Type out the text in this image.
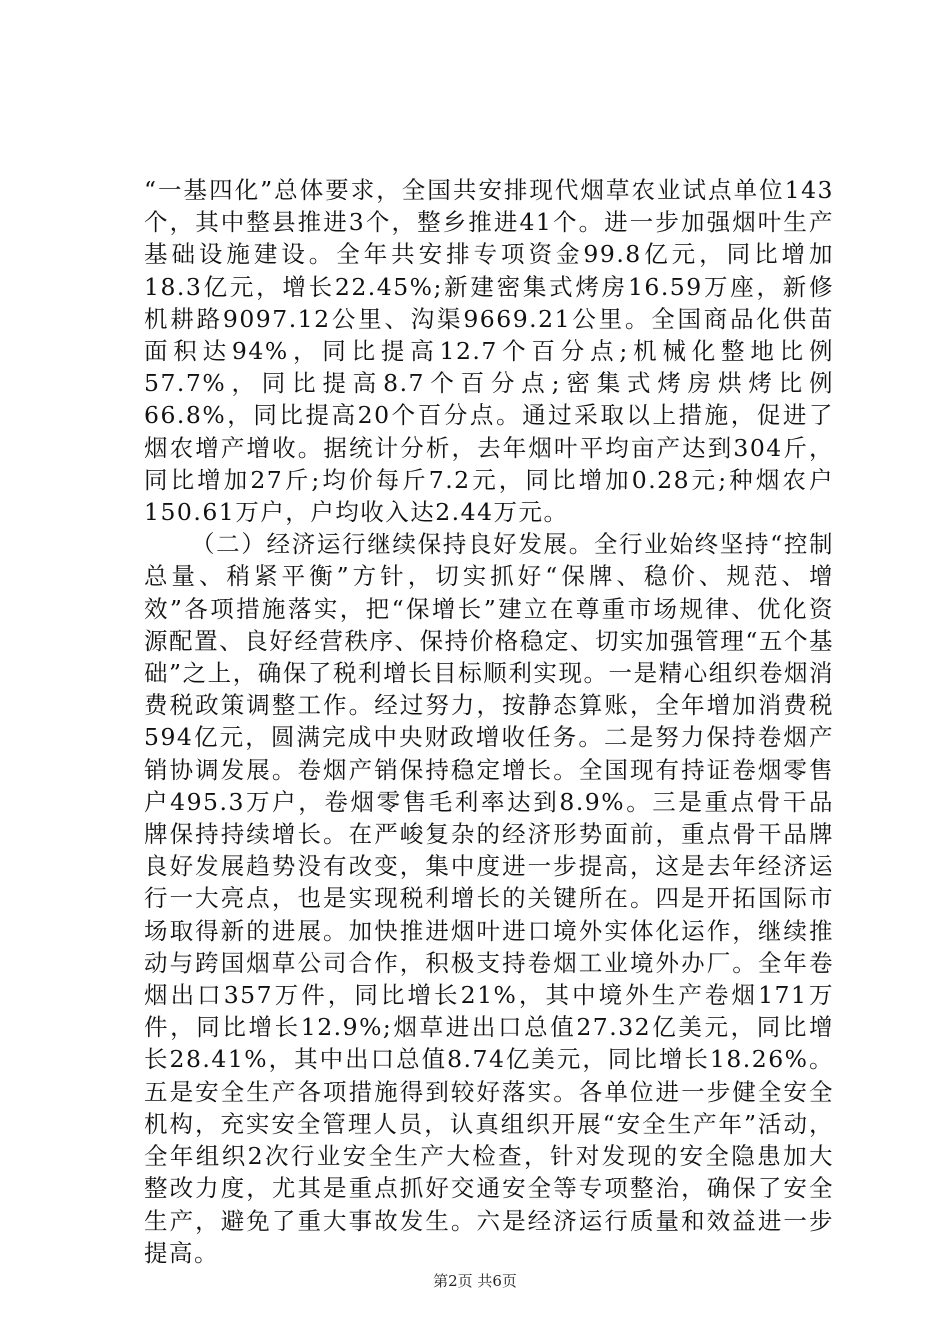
“一基四化”总体要求，全国共安排现代烟草农业试点单位143个，其中整县推进3个，整乡推进41个。进一步加强烟叶生产基础设施建设。全年共安排专项资金99.8亿元，同比增加18.3亿元，增长22.45%;新建密集式烤房16.59万座，新修机耕路9097.12公里、沟渠9669.21公里。全国商品化供苗面积达94%，同比提高12.7个百分点;机械化整地比例57.7%，同比提高8.7个百分点;密集式烤房烘烤比例66.8%，同比提高20个百分点。通过采取以上措施，促进了烟农增产增收。据统计分析，去年烟叶平均亩产达到304斤，同比增加27斤;均价每斤7.2元，同比增加0.28元;种烟农户150.61万户，户均收入达2.44万元。

（二）经济运行继续保持良好发展。全行业始终坚持“控制总量、稍紧平衡”方针，切实抓好“保牌、稳价、规范、增效”各项措施落实，把“保增长”建立在尊重市场规律、优化资源配置、良好经营秩序、保持价格稳定、切实加强管理“五个基础”之上，确保了税利增长目标顺利实现。一是精心组织卷烟消费税政策调整工作。经过努力，按静态算账，全年增加消费税594亿元，圆满完成中央财政增收任务。二是努力保持卷烟产销协调发展。卷烟产销保持稳定增长。全国现有持证卷烟零售户495.3万户，卷烟零售毛利率达到8.9%。三是重点骨干品牌保持持续增长。在严峻复杂的经济形势面前，重点骨干品牌良好发展趋势没有改变，集中度进一步提高，这是去年经济运行一大亮点，也是实现税利增长的关键所在。四是开拓国际市场取得新的进展。加快推进烟叶进口境外实体化运作，继续推动与跨国烟草公司合作，积极支持卷烟工业境外办厂。全年卷烟出口357万件，同比增长21%，其中境外生产卷烟171万件，同比增长12.9%;烟草进出口总值27.32亿美元，同比增长28.41%，其中出口总值8.74亿美元，同比增长18.26%。五是安全生产各项措施得到较好落实。各单位进一步健全安全机构，充实安全管理人员，认真组织开展“安全生产年”活动，全年组织2次行业安全生产大检查，针对发现的安全隐患加大整改力度，尤其是重点抓好交通安全等专项整治，确保了安全生产，避免了重大事故发生。六是经济运行质量和效益进一步提高。

第2页 共6页
